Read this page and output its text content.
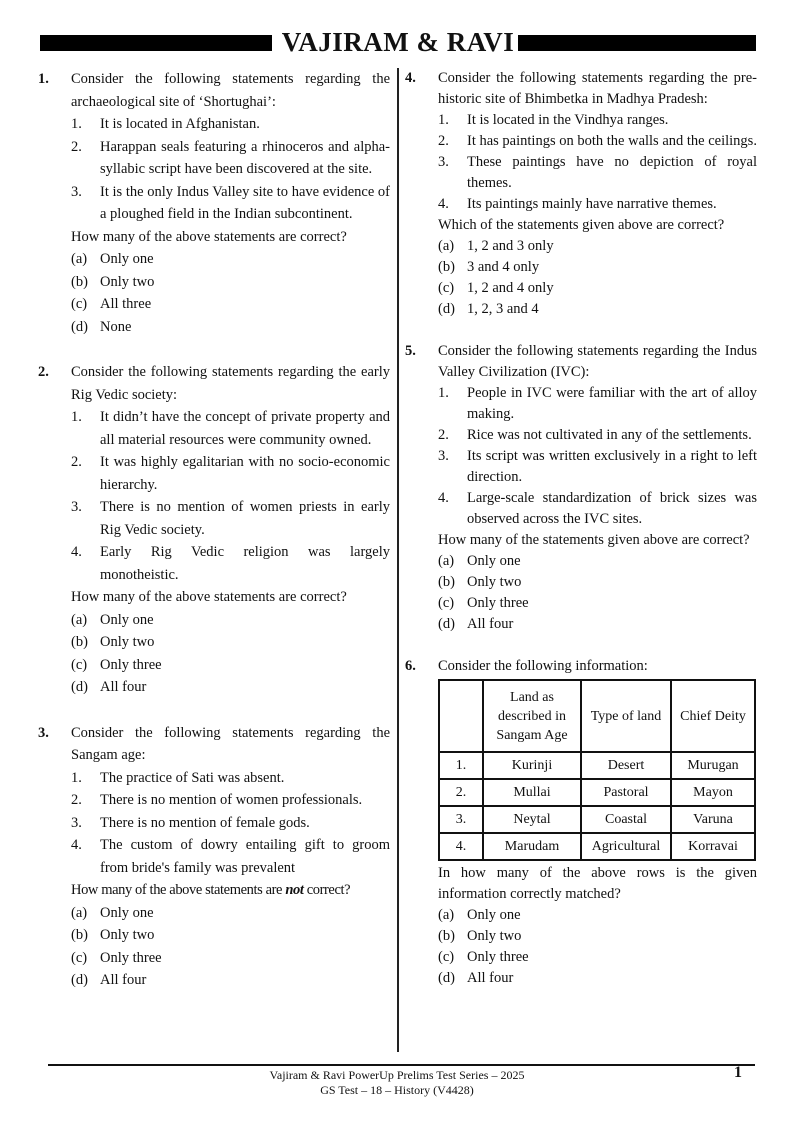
VAJIRAM & RAVI
1. Consider the following statements regarding the archaeological site of ‘Shortughai’:
1.	It is located in Afghanistan.
2.	Harappan seals featuring a rhinoceros and alpha-syllabic script have been discovered at the site.
3.	It is the only Indus Valley site to have evidence of a ploughed field in the Indian subcontinent.
How many of the above statements are correct?
(a) Only one
(b) Only two
(c) All three
(d) None
2. Consider the following statements regarding the early Rig Vedic society:
1.	It didn’t have the concept of private property and all material resources were community owned.
2.	It was highly egalitarian with no socio-economic hierarchy.
3.	There is no mention of women priests in early Rig Vedic society.
4.	Early Rig Vedic religion was largely monotheistic.
How many of the above statements are correct?
(a) Only one
(b) Only two
(c) Only three
(d) All four
3. Consider the following statements regarding the Sangam age:
1.	The practice of Sati was absent.
2.	There is no mention of women professionals.
3.	There is no mention of female gods.
4.	The custom of dowry entailing gift to groom from bride's family was prevalent
How many of the above statements are not correct?
(a) Only one
(b) Only two
(c) Only three
(d) All four
4. Consider the following statements regarding the pre-historic site of Bhimbetka in Madhya Pradesh:
1.	It is located in the Vindhya ranges.
2.	It has paintings on both the walls and the ceilings.
3.	These paintings have no depiction of royal themes.
4.	Its paintings mainly have narrative themes.
Which of the statements given above are correct?
(a) 1, 2 and 3 only
(b) 3 and 4 only
(c) 1, 2 and 4 only
(d) 1, 2, 3 and 4
5. Consider the following statements regarding the Indus Valley Civilization (IVC):
1.	People in IVC were familiar with the art of alloy making.
2.	Rice was not cultivated in any of the settlements.
3.	Its script was written exclusively in a right to left direction.
4.	Large-scale standardization of brick sizes was observed across the IVC sites.
How many of the statements given above are correct?
(a) Only one
(b) Only two
(c) Only three
(d) All four
6. Consider the following information:
	Land as described in Sangam Age	Type of land	Chief Deity
1.	Kurinji	Desert	Murugan
2.	Mullai	Pastoral	Mayon
3.	Neytal	Coastal	Varuna
4.	Marudam	Agricultural	Korravai
In how many of the above rows is the given information correctly matched?
(a) Only one
(b) Only two
(c) Only three
(d) All four
Vajiram & Ravi PowerUp Prelims Test Series – 2025
GS Test – 18 – History (V4428)
1
